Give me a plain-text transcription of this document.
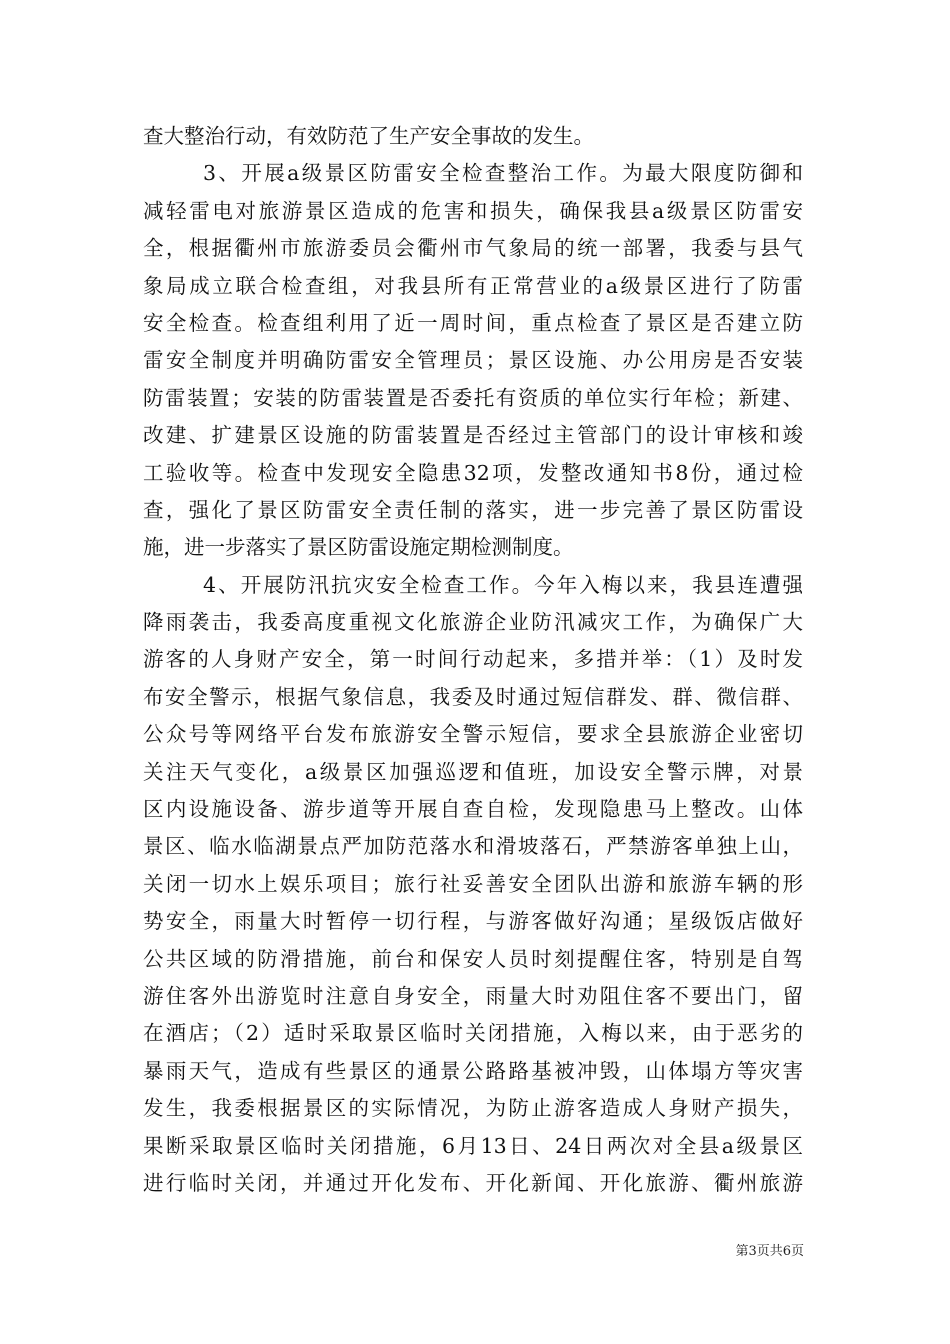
查大整治行动，有效防范了生产安全事故的发生。
3、开展a级景区防雷安全检查整治工作。为最大限度防御和
减轻雷电对旅游景区造成的危害和损失，确保我县a级景区防雷安
全，根据衢州市旅游委员会衢州市气象局的统一部署，我委与县气
象局成立联合检查组，对我县所有正常营业的a级景区进行了防雷
安全检查。检查组利用了近一周时间，重点检查了景区是否建立防
雷安全制度并明确防雷安全管理员；景区设施、办公用房是否安装
防雷装置；安装的防雷装置是否委托有资质的单位实行年检；新建、
改建、扩建景区设施的防雷装置是否经过主管部门的设计审核和竣
工验收等。检查中发现安全隐患32项，发整改通知书8份，通过检
查，强化了景区防雷安全责任制的落实，进一步完善了景区防雷设
施，进一步落实了景区防雷设施定期检测制度。
4、开展防汛抗灾安全检查工作。今年入梅以来，我县连遭强
降雨袭击，我委高度重视文化旅游企业防汛减灾工作，为确保广大
游客的人身财产安全，第一时间行动起来，多措并举：（1）及时发
布安全警示，根据气象信息，我委及时通过短信群发、群、微信群、
公众号等网络平台发布旅游安全警示短信，要求全县旅游企业密切
关注天气变化，a级景区加强巡逻和值班，加设安全警示牌，对景
区内设施设备、游步道等开展自查自检，发现隐患马上整改。山体
景区、临水临湖景点严加防范落水和滑坡落石，严禁游客单独上山，
关闭一切水上娱乐项目；旅行社妥善安全团队出游和旅游车辆的形
势安全，雨量大时暂停一切行程，与游客做好沟通；星级饭店做好
公共区域的防滑措施，前台和保安人员时刻提醒住客，特别是自驾
游住客外出游览时注意自身安全，雨量大时劝阻住客不要出门，留
在酒店；（2）适时采取景区临时关闭措施，入梅以来，由于恶劣的
暴雨天气，造成有些景区的通景公路路基被冲毁，山体塌方等灾害
发生，我委根据景区的实际情况，为防止游客造成人身财产损失，
果断采取景区临时关闭措施，6月13日、24日两次对全县a级景区
进行临时关闭，并通过开化发布、开化新闻、开化旅游、衢州旅游
第3页共6页
